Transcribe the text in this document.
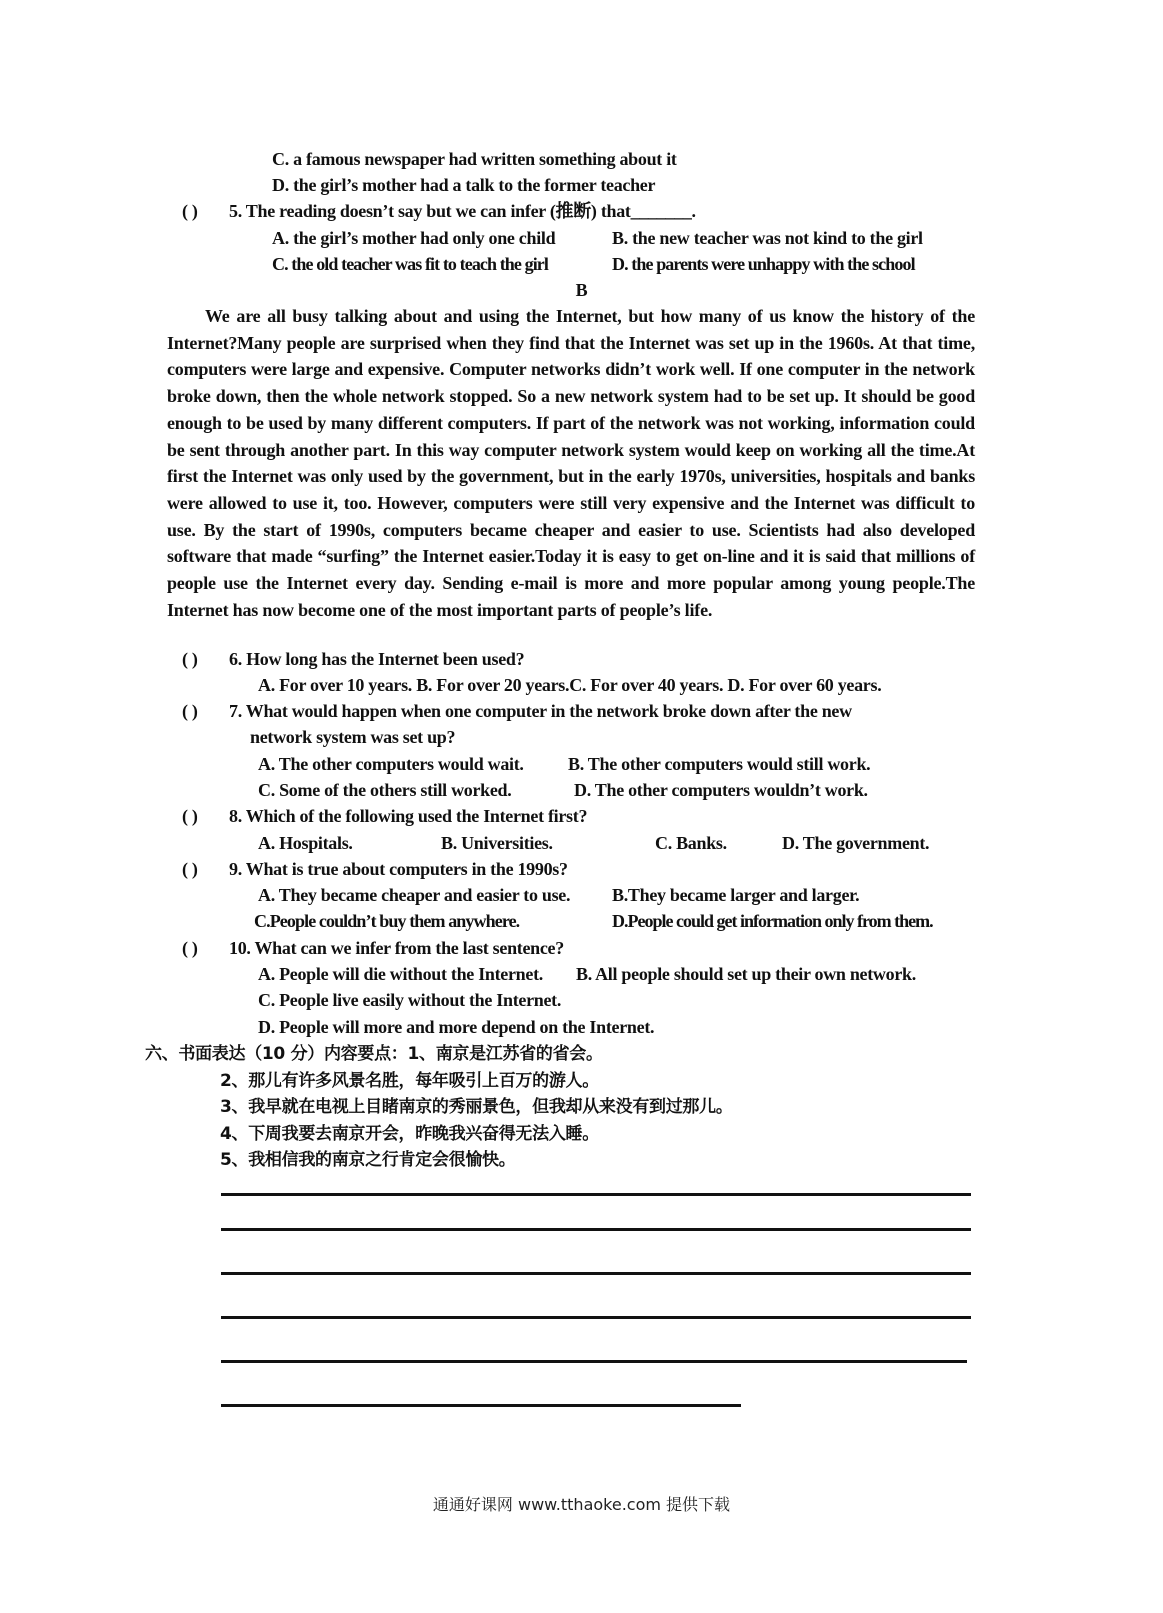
C. a famous newspaper had written something about it
D. the girl’s mother had a talk to the former teacher
( ) 5. The reading doesn’t say but we can infer (推断) that_______.
A. the girl’s mother had only one child	B. the new teacher was not kind to the girl
C. the old teacher was fit to teach the girl	D. the parents were unhappy with the school
B
We are all busy talking about and using the Internet, but how many of us know the history of the Internet?Many people are surprised when they find that the Internet was set up in the 1960s. At that time, computers were large and expensive. Computer networks didn’t work well. If one computer in the network broke down, then the whole network stopped. So a new network system had to be set up. It should be good enough to be used by many different computers. If part of the network was not working, information could be sent through another part. In this way computer network system would keep on working all the time.At first the Internet was only used by the government, but in the early 1970s, universities, hospitals and banks were allowed to use it, too. However, computers were still very expensive and the Internet was difficult to use. By the start of 1990s, computers became cheaper and easier to use. Scientists had also developed software that made “surfing” the Internet easier.Today it is easy to get on-line and it is said that millions of people use the Internet every day. Sending e-mail is more and more popular among young people.The Internet has now become one of the most important parts of people’s life.
( ) 6. How long has the Internet been used?
A. For over 10 years. B. For over 20 years.C. For over 40 years. D. For over 60 years.
( ) 7. What would happen when one computer in the network broke down after the new
network system was set up?
A. The other computers would wait. B. The other computers would still work.
C. Some of the others still worked.	D. The other computers wouldn’t work.
( ) 8. Which of the following used the Internet first?
A. Hospitals.	B. Universities.	C. Banks.	D. The government.
( ) 9. What is true about computers in the 1990s?
A. They became cheaper and easier to use. B.They became larger and larger.
C.People couldn’t buy them anywhere.	D.People could get information only from them.
( ) 10. What can we infer from the last sentence?
A. People will die without the Internet. B. All people should set up their own network.
C. People live easily without the Internet.
D. People will more and more depend on the Internet.
六、书面表达（10 分）内容要点：1、南京是江苏省的省会。
2、那儿有许多风景名胜，每年吸引上百万的游人。
3、我早就在电视上目睹南京的秀丽景色，但我却从来没有到过那儿。
4、下周我要去南京开会，昨晚我兴奋得无法入睡。
5、我相信我的南京之行肯定会很愉快。
通通好课网 www.tthaoke.com 提供下载
